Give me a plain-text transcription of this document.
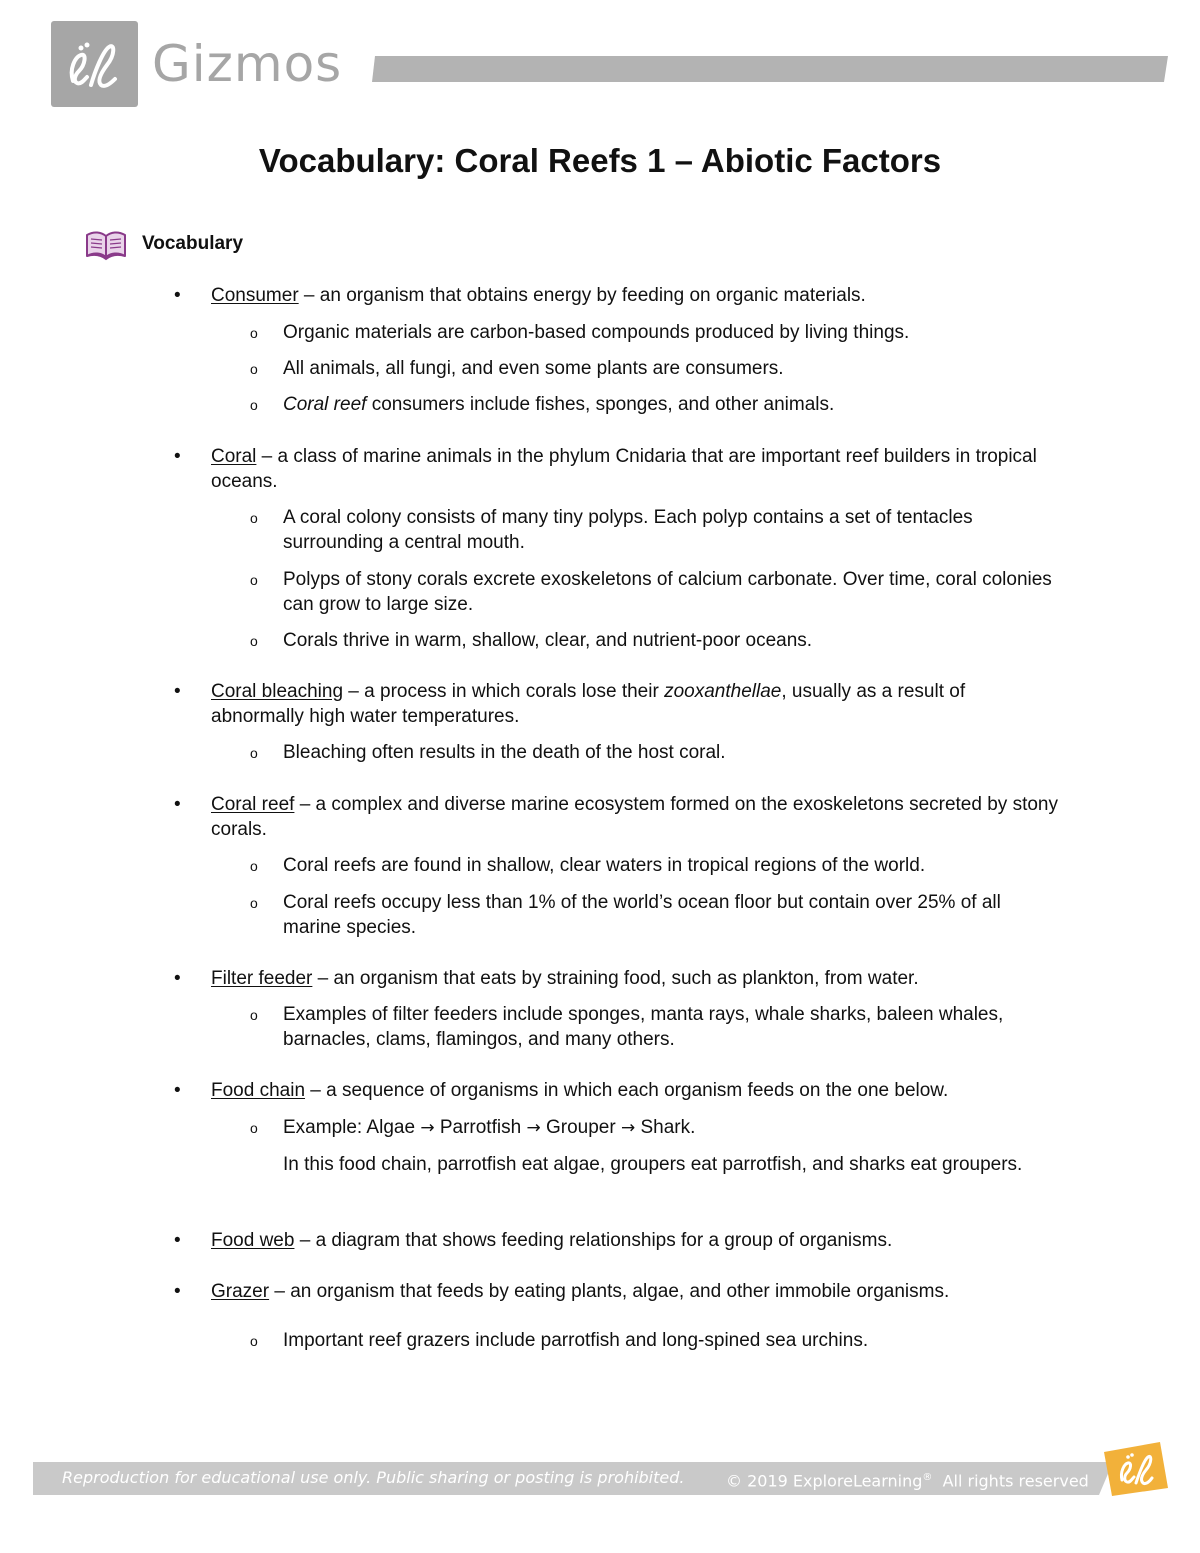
Gizmos
Vocabulary: Coral Reefs 1 – Abiotic Factors
Vocabulary
• Consumer – an organism that obtains energy by feeding on organic materials.
o Organic materials are carbon-based compounds produced by living things.
o All animals, all fungi, and even some plants are consumers.
o Coral reef consumers include fishes, sponges, and other animals.
• Coral – a class of marine animals in the phylum Cnidaria that are important reef builders in tropical oceans.
o A coral colony consists of many tiny polyps. Each polyp contains a set of tentacles surrounding a central mouth.
o Polyps of stony corals excrete exoskeletons of calcium carbonate. Over time, coral colonies can grow to large size.
o Corals thrive in warm, shallow, clear, and nutrient-poor oceans.
• Coral bleaching – a process in which corals lose their zooxanthellae, usually as a result of abnormally high water temperatures.
o Bleaching often results in the death of the host coral.
• Coral reef – a complex and diverse marine ecosystem formed on the exoskeletons secreted by stony corals.
o Coral reefs are found in shallow, clear waters in tropical regions of the world.
o Coral reefs occupy less than 1% of the world’s ocean floor but contain over 25% of all marine species.
• Filter feeder – an organism that eats by straining food, such as plankton, from water.
o Examples of filter feeders include sponges, manta rays, whale sharks, baleen whales, barnacles, clams, flamingos, and many others.
• Food chain – a sequence of organisms in which each organism feeds on the one below.
o Example: Algae → Parrotfish → Grouper → Shark.
In this food chain, parrotfish eat algae, groupers eat parrotfish, and sharks eat groupers.
• Food web – a diagram that shows feeding relationships for a group of organisms.
• Grazer – an organism that feeds by eating plants, algae, and other immobile organisms.
o Important reef grazers include parrotfish and long-spined sea urchins.
Reproduction for educational use only. Public sharing or posting is prohibited.	© 2019 ExploreLearning® All rights reserved
